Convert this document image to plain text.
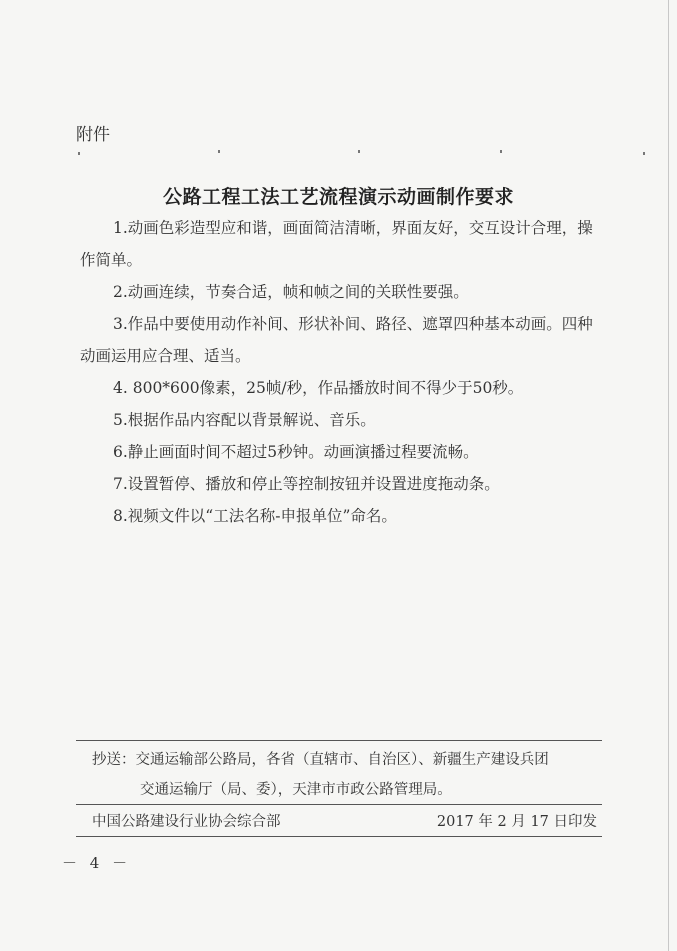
附件
公路工程工法工艺流程演示动画制作要求

1.动画色彩造型应和谐，画面简洁清晰，界面友好，交互设计合理，操作简单。

2.动画连续，节奏合适，帧和帧之间的关联性要强。

3.作品中要使用动作补间、形状补间、路径、遮罩四种基本动画。四种动画运用应合理、适当。

4. 800*600像素，25帧/秒，作品播放时间不得少于50秒。

5.根据作品内容配以背景解说、音乐。

6.静止画面时间不超过5秒钟。动画演播过程要流畅。

7.设置暂停、播放和停止等控制按钮并设置进度拖动条。

8.视频文件以“工法名称-申报单位”命名。

抄送：交通运输部公路局，各省（直辖市、自治区）、新疆生产建设兵团
交通运输厅（局、委），天津市市政公路管理局。
中国公路建设行业协会综合部	2017 年 2 月 17 日印发
－ 4 －
